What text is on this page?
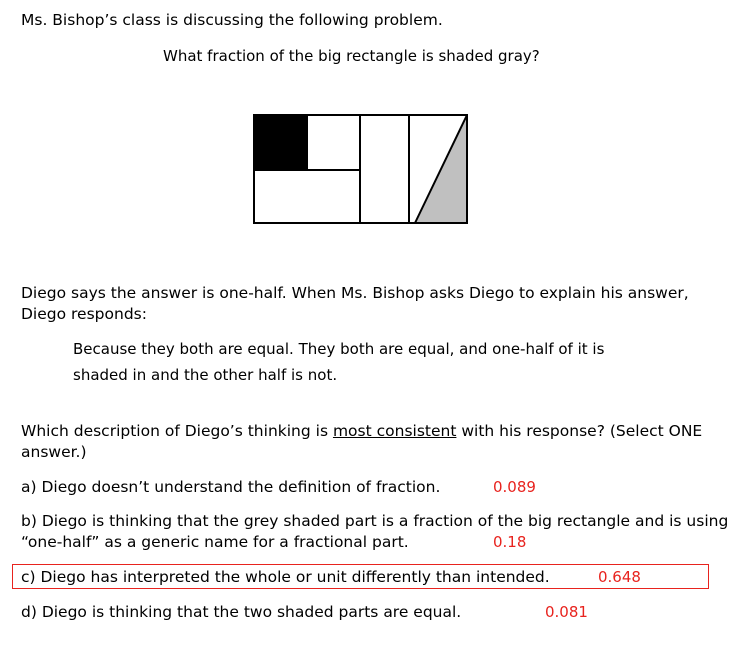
Ms. Bishop’s class is discussing the following problem.
What fraction of the big rectangle is shaded gray?
Diego says the answer is one-half. When Ms. Bishop asks Diego to explain his answer,
Diego responds:
Because they both are equal. They both are equal, and one-half of it is
shaded in and the other half is not.
Which description of Diego’s thinking is most consistent with his response? (Select ONE
answer.)
a) Diego doesn’t understand the definition of fraction.	0.089
b) Diego is thinking that the grey shaded part is a fraction of the big rectangle and is using
“one-half” as a generic name for a fractional part.	0.18
c) Diego has interpreted the whole or unit differently than intended.	0.648
d) Diego is thinking that the two shaded parts are equal.	0.081
